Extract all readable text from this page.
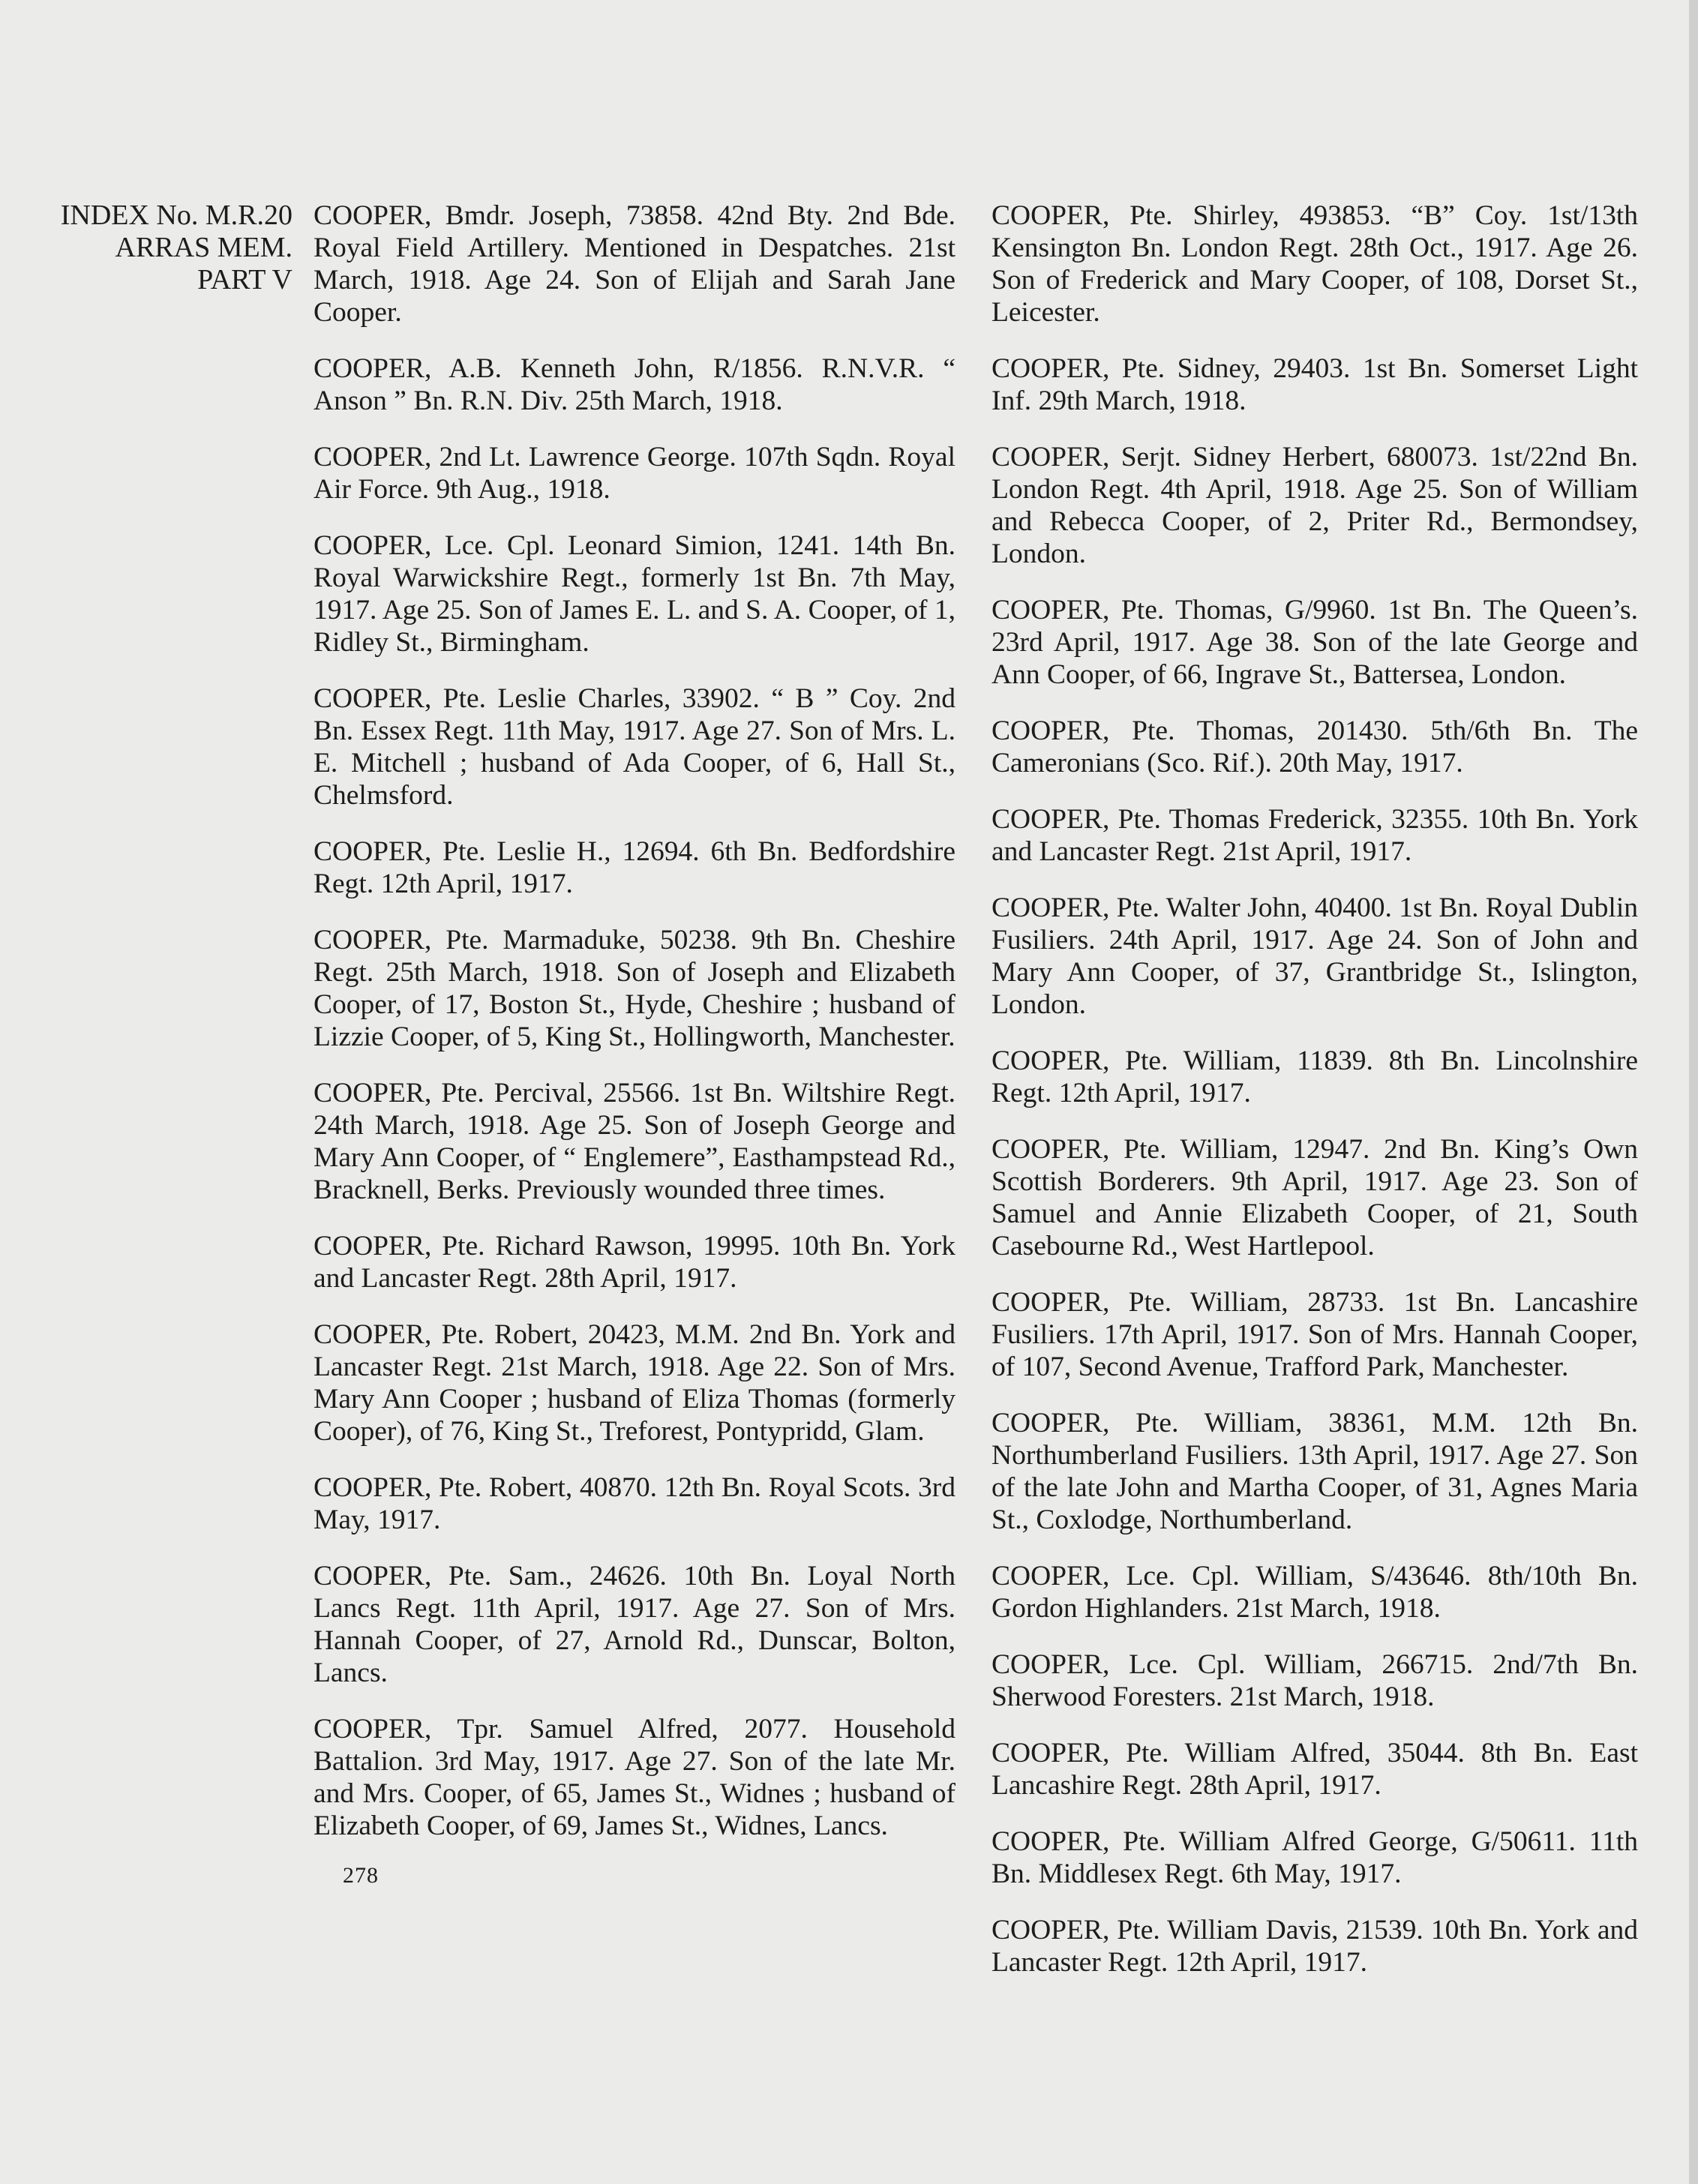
INDEX No. M.R.20
ARRAS MEM.
PART V

COOPER, Bmdr. Joseph, 73858. 42nd Bty. 2nd Bde. Royal Field Artillery. Mentioned in Despatches. 21st March, 1918. Age 24. Son of Elijah and Sarah Jane Cooper.

COOPER, A.B. Kenneth John, R/1856. R.N.V.R. “ Anson ” Bn. R.N. Div. 25th March, 1918.

COOPER, 2nd Lt. Lawrence George. 107th Sqdn. Royal Air Force. 9th Aug., 1918.

COOPER, Lce. Cpl. Leonard Simion, 1241. 14th Bn. Royal Warwickshire Regt., formerly 1st Bn. 7th May, 1917. Age 25. Son of James E. L. and S. A. Cooper, of 1, Ridley St., Birmingham.

COOPER, Pte. Leslie Charles, 33902. “ B ” Coy. 2nd Bn. Essex Regt. 11th May, 1917. Age 27. Son of Mrs. L. E. Mitchell ; husband of Ada Cooper, of 6, Hall St., Chelmsford.

COOPER, Pte. Leslie H., 12694. 6th Bn. Bedfordshire Regt. 12th April, 1917.

COOPER, Pte. Marmaduke, 50238. 9th Bn. Cheshire Regt. 25th March, 1918. Son of Joseph and Elizabeth Cooper, of 17, Boston St., Hyde, Cheshire ; husband of Lizzie Cooper, of 5, King St., Hollingworth, Manchester.

COOPER, Pte. Percival, 25566. 1st Bn. Wiltshire Regt. 24th March, 1918. Age 25. Son of Joseph George and Mary Ann Cooper, of “ Englemere”, Easthampstead Rd., Bracknell, Berks. Previously wounded three times.

COOPER, Pte. Richard Rawson, 19995. 10th Bn. York and Lancaster Regt. 28th April, 1917.

COOPER, Pte. Robert, 20423, M.M. 2nd Bn. York and Lancaster Regt. 21st March, 1918. Age 22. Son of Mrs. Mary Ann Cooper ; husband of Eliza Thomas (formerly Cooper), of 76, King St., Treforest, Pontypridd, Glam.

COOPER, Pte. Robert, 40870. 12th Bn. Royal Scots. 3rd May, 1917.

COOPER, Pte. Sam., 24626. 10th Bn. Loyal North Lancs Regt. 11th April, 1917. Age 27. Son of Mrs. Hannah Cooper, of 27, Arnold Rd., Dunscar, Bolton, Lancs.

COOPER, Tpr. Samuel Alfred, 2077. Household Battalion. 3rd May, 1917. Age 27. Son of the late Mr. and Mrs. Cooper, of 65, James St., Widnes ; husband of Elizabeth Cooper, of 69, James St., Widnes, Lancs.

COOPER, Pte. Shirley, 493853. “B” Coy. 1st/13th Kensington Bn. London Regt. 28th Oct., 1917. Age 26. Son of Frederick and Mary Cooper, of 108, Dorset St., Leicester.

COOPER, Pte. Sidney, 29403. 1st Bn. Somerset Light Inf. 29th March, 1918.

COOPER, Serjt. Sidney Herbert, 680073. 1st/22nd Bn. London Regt. 4th April, 1918. Age 25. Son of William and Rebecca Cooper, of 2, Priter Rd., Bermondsey, London.

COOPER, Pte. Thomas, G/9960. 1st Bn. The Queen’s. 23rd April, 1917. Age 38. Son of the late George and Ann Cooper, of 66, Ingrave St., Battersea, London.

COOPER, Pte. Thomas, 201430. 5th/6th Bn. The Cameronians (Sco. Rif.). 20th May, 1917.

COOPER, Pte. Thomas Frederick, 32355. 10th Bn. York and Lancaster Regt. 21st April, 1917.

COOPER, Pte. Walter John, 40400. 1st Bn. Royal Dublin Fusiliers. 24th April, 1917. Age 24. Son of John and Mary Ann Cooper, of 37, Grantbridge St., Islington, London.

COOPER, Pte. William, 11839. 8th Bn. Lincolnshire Regt. 12th April, 1917.

COOPER, Pte. William, 12947. 2nd Bn. King’s Own Scottish Borderers. 9th April, 1917. Age 23. Son of Samuel and Annie Elizabeth Cooper, of 21, South Casebourne Rd., West Hartlepool.

COOPER, Pte. William, 28733. 1st Bn. Lancashire Fusiliers. 17th April, 1917. Son of Mrs. Hannah Cooper, of 107, Second Avenue, Trafford Park, Manchester.

COOPER, Pte. William, 38361, M.M. 12th Bn. Northumberland Fusiliers. 13th April, 1917. Age 27. Son of the late John and Martha Cooper, of 31, Agnes Maria St., Coxlodge, Northumberland.

COOPER, Lce. Cpl. William, S/43646. 8th/10th Bn. Gordon Highlanders. 21st March, 1918.

COOPER, Lce. Cpl. William, 266715. 2nd/7th Bn. Sherwood Foresters. 21st March, 1918.

COOPER, Pte. William Alfred, 35044. 8th Bn. East Lancashire Regt. 28th April, 1917.

COOPER, Pte. William Alfred George, G/50611. 11th Bn. Middlesex Regt. 6th May, 1917.

COOPER, Pte. William Davis, 21539. 10th Bn. York and Lancaster Regt. 12th April, 1917.

278
